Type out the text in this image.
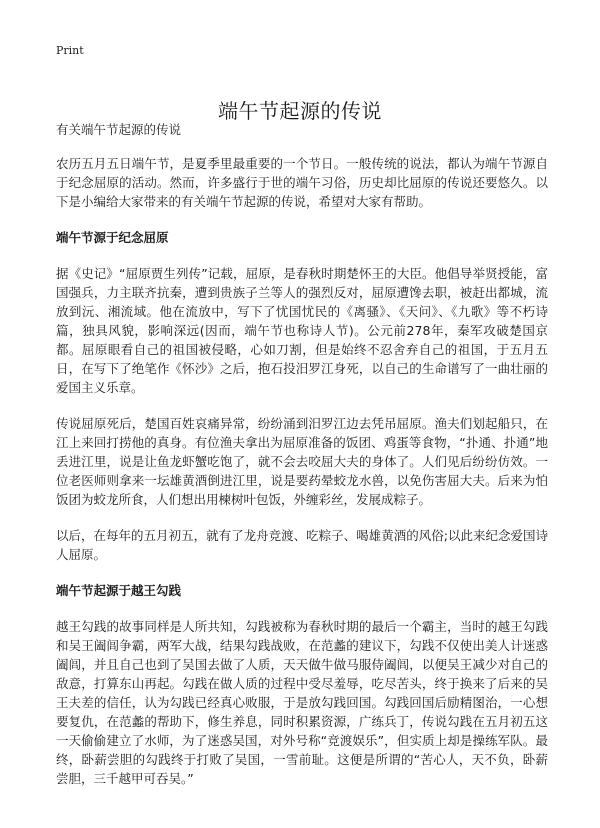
Print
端午节起源的传说

有关端午节起源的传说

农历五月五日端午节，是夏季里最重要的一个节日。一般传统的说法，都认为端午节源自于纪念屈原的活动。然而，许多盛行于世的端午习俗，历史却比屈原的传说还要悠久。以下是小编给大家带来的有关端午节起源的传说，希望对大家有帮助。

端午节源于纪念屈原

据《史记》“屈原贾生列传”记载，屈原，是春秋时期楚怀王的大臣。他倡导举贤授能，富国强兵，力主联齐抗秦，遭到贵族子兰等人的强烈反对，屈原遭馋去职，被赶出都城，流放到沅、湘流域。他在流放中，写下了忧国忧民的《离骚》、《天问》、《九歌》等不朽诗篇，独具风貌，影响深远(因而，端午节也称诗人节)。公元前278年，秦军攻破楚国京都。屈原眼看自己的祖国被侵略，心如刀割，但是始终不忍舍弃自己的祖国，于五月五日，在写下了绝笔作《怀沙》之后，抱石投汨罗江身死，以自己的生命谱写了一曲壮丽的爱国主义乐章。

传说屈原死后，楚国百姓哀痛异常，纷纷涌到汨罗江边去凭吊屈原。渔夫们划起船只，在江上来回打捞他的真身。有位渔夫拿出为屈原准备的饭团、鸡蛋等食物，“扑通、扑通”地丢进江里，说是让鱼龙虾蟹吃饱了，就不会去咬屈大夫的身体了。人们见后纷纷仿效。一位老医师则拿来一坛雄黄酒倒进江里，说是要药晕蛟龙水兽，以免伤害屈大夫。后来为怕饭团为蛟龙所食，人们想出用楝树叶包饭，外缠彩丝，发展成粽子。

以后，在每年的五月初五，就有了龙舟竞渡、吃粽子、喝雄黄酒的风俗;以此来纪念爱国诗人屈原。

端午节起源于越王勾践

越王勾践的故事同样是人所共知，勾践被称为春秋时期的最后一个霸主，当时的越王勾践和吴王阖闾争霸，两军大战，结果勾践战败，在范蠡的建议下，勾践不仅使出美人计迷惑阖闾，并且自己也到了吴国去做了人质，天天做牛做马服侍阖闾，以便吴王减少对自己的敌意，打算东山再起。勾践在做人质的过程中受尽羞辱，吃尽苦头，终于换来了后来的吴王夫差的信任，认为勾践已经真心败服，于是放勾践回国。勾践回国后励精图治，一心想要复仇，在范蠡的帮助下，修生养息，同时积累资源，广练兵丁，传说勾践在五月初五这一天偷偷建立了水师，为了迷惑吴国，对外号称“竞渡娱乐”，但实质上却是操练军队。最终，卧薪尝胆的勾践终于打败了吴国，一雪前耻。这便是所谓的“苦心人，天不负，卧薪尝胆，三千越甲可吞吴。”
